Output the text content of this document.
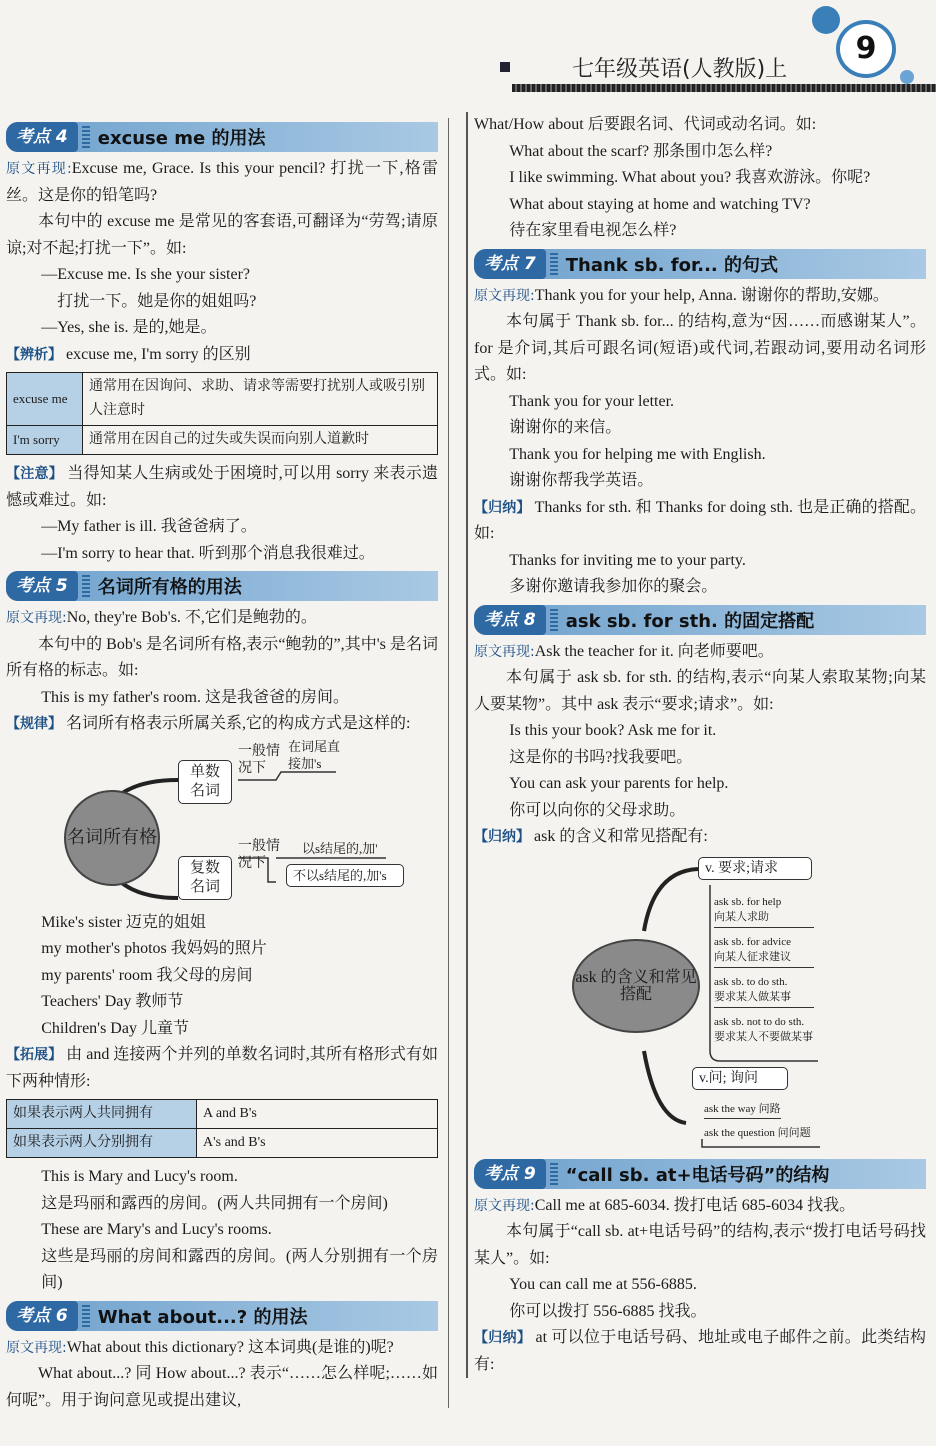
9
七年级英语(人教版)上
考点 4	excuse me 的用法
原文再现:Excuse me, Grace. Is this your pencil? 打扰一下,格雷丝。这是你的铅笔吗?
本句中的 excuse me 是常见的客套语,可翻译为“劳驾;请原谅;对不起;打扰一下”。如:
—Excuse me. Is she your sister?
打扰一下。她是你的姐姐吗?
—Yes, she is. 是的,她是。
【辨析】 excuse me, I'm sorry 的区别
excuse me	通常用在因询问、求助、请求等需要打扰别人或吸引别人注意时
I'm sorry	通常用在因自己的过失或失误而向别人道歉时
【注意】 当得知某人生病或处于困境时,可以用 sorry 来表示遗憾或难过。如:
—My father is ill. 我爸爸病了。
—I'm sorry to hear that. 听到那个消息我很难过。
考点 5	名词所有格的用法
原文再现:No, they're Bob's. 不,它们是鲍勃的。
本句中的 Bob's 是名词所有格,表示“鲍勃的”,其中's 是名词所有格的标志。如:
This is my father's room. 这是我爸爸的房间。
【规律】 名词所有格表示所属关系,它的构成方式是这样的:
名词所有格
单数名词
复数名词
一般情况下
在词尾直接加's
一般情况下
以s结尾的,加'
不以s结尾的,加's
Mike's sister 迈克的姐姐
my mother's photos 我妈妈的照片
my parents' room 我父母的房间
Teachers' Day 教师节
Children's Day 儿童节
【拓展】 由 and 连接两个并列的单数名词时,其所有格形式有如下两种情形:
如果表示两人共同拥有	A and B's
如果表示两人分别拥有	A's and B's
This is Mary and Lucy's room.
这是玛丽和露西的房间。(两人共同拥有一个房间)
These are Mary's and Lucy's rooms.
这些是玛丽的房间和露西的房间。(两人分别拥有一个房间)
考点 6	What about...? 的用法
原文再现:What about this dictionary? 这本词典(是谁的)呢?
What about...? 同 How about...? 表示“……怎么样呢;……如何呢”。用于询问意见或提出建议,
What/How about 后要跟名词、代词或动名词。如:
What about the scarf? 那条围巾怎么样?
I like swimming. What about you? 我喜欢游泳。你呢?
What about staying at home and watching TV?
待在家里看电视怎么样?
考点 7	Thank sb. for... 的句式
原文再现:Thank you for your help, Anna. 谢谢你的帮助,安娜。
本句属于 Thank sb. for... 的结构,意为“因……而感谢某人”。for 是介词,其后可跟名词(短语)或代词,若跟动词,要用动名词形式。如:
Thank you for your letter.
谢谢你的来信。
Thank you for helping me with English.
谢谢你帮我学英语。
【归纳】 Thanks for sth. 和 Thanks for doing sth. 也是正确的搭配。如:
Thanks for inviting me to your party.
多谢你邀请我参加你的聚会。
考点 8	ask sb. for sth. 的固定搭配
原文再现:Ask the teacher for it. 向老师要吧。
本句属于 ask sb. for sth. 的结构,表示“向某人索取某物;向某人要某物”。其中 ask 表示“要求;请求”。如:
Is this your book? Ask me for it.
这是你的书吗?找我要吧。
You can ask your parents for help.
你可以向你的父母求助。
【归纳】 ask 的含义和常见搭配有:
ask 的含义和常见搭配
v. 要求;请求
ask sb. for help
向某人求助
ask sb. for advice
向某人征求建议
ask sb. to do sth.
要求某人做某事
ask sb. not to do sth.
要求某人不要做某事
v.问; 询问
ask the way 问路
ask the question 问问题
考点 9	“call sb. at+电话号码”的结构
原文再现:Call me at 685-6034. 拨打电话 685-6034 找我。
本句属于“call sb. at+电话号码”的结构,表示“拨打电话号码找某人”。如:
You can call me at 556-6885.
你可以拨打 556-6885 找我。
【归纳】 at 可以位于电话号码、地址或电子邮件之前。此类结构有:
